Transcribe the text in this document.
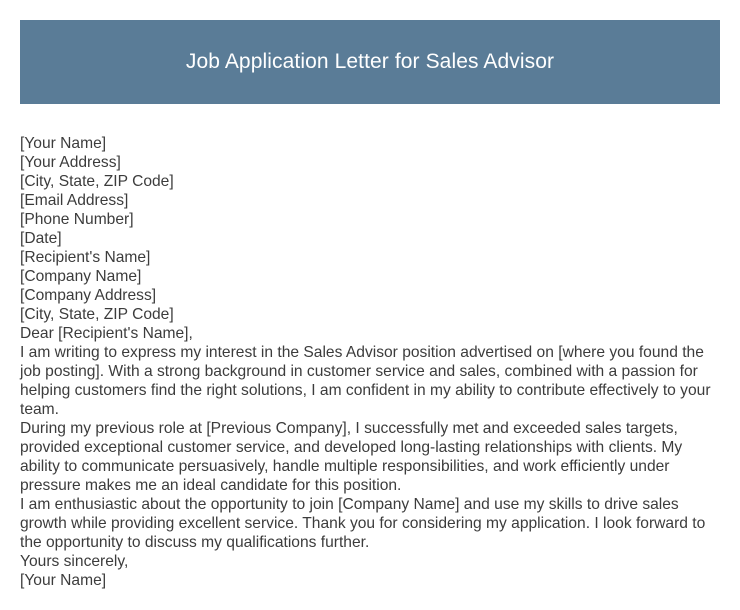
Job Application Letter for Sales Advisor
[Your Name]
[Your Address]
[City, State, ZIP Code]
[Email Address]
[Phone Number]
[Date]
[Recipient's Name]
[Company Name]
[Company Address]
[City, State, ZIP Code]
Dear [Recipient's Name],
I am writing to express my interest in the Sales Advisor position advertised on [where you found the job posting]. With a strong background in customer service and sales, combined with a passion for helping customers find the right solutions, I am confident in my ability to contribute effectively to your team.
During my previous role at [Previous Company], I successfully met and exceeded sales targets, provided exceptional customer service, and developed long-lasting relationships with clients. My ability to communicate persuasively, handle multiple responsibilities, and work efficiently under pressure makes me an ideal candidate for this position.
I am enthusiastic about the opportunity to join [Company Name] and use my skills to drive sales growth while providing excellent service. Thank you for considering my application. I look forward to the opportunity to discuss my qualifications further.
Yours sincerely,
[Your Name]
